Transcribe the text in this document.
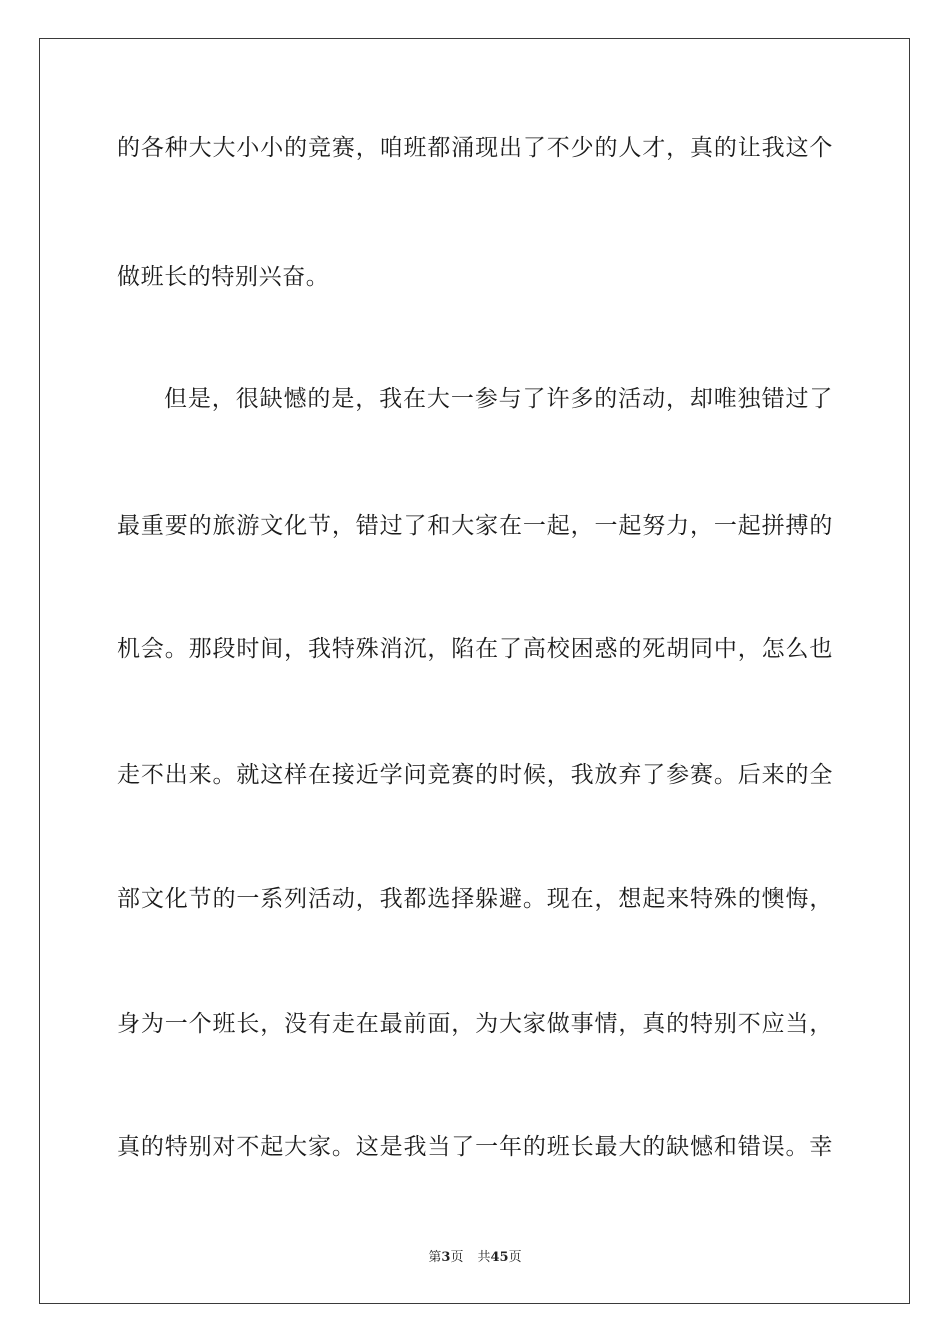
的各种大大小小的竞赛，咱班都涌现出了不少的人才，真的让我这个
做班长的特别兴奋。
但是，很缺憾的是，我在大一参与了许多的活动，却唯独错过了
最重要的旅游文化节，错过了和大家在一起，一起努力，一起拼搏的
机会。那段时间，我特殊消沉，陷在了高校困惑的死胡同中，怎么也
走不出来。就这样在接近学问竞赛的时候，我放弃了参赛。后来的全
部文化节的一系列活动，我都选择躲避。现在，想起来特殊的懊悔，
身为一个班长，没有走在最前面，为大家做事情，真的特别不应当，
真的特别对不起大家。这是我当了一年的班长最大的缺憾和错误。幸
第3页 共45页
